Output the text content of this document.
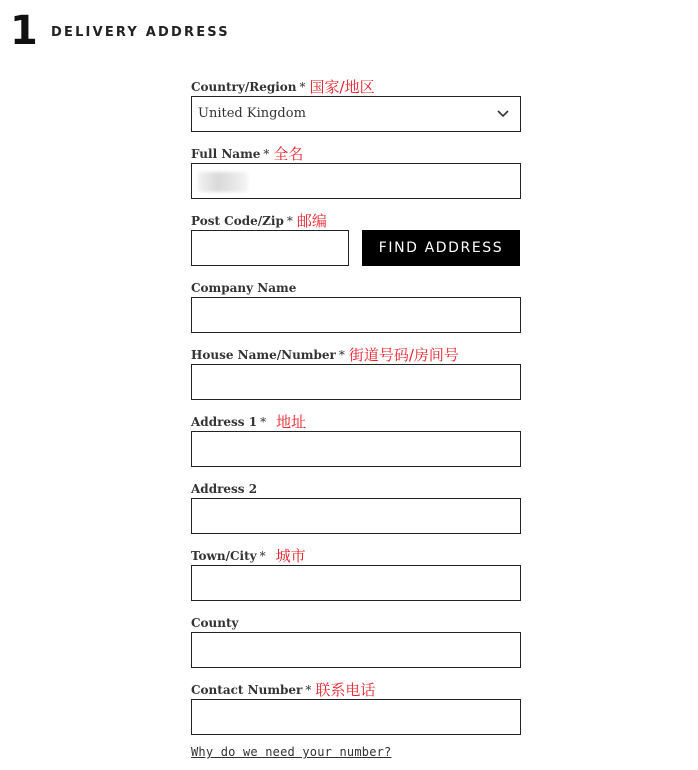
1	DELIVERY ADDRESS
Country/Region * 国家/地区
United Kingdom
Full Name * 全名
Post Code/Zip * 邮编
FIND ADDRESS
Company Name
House Name/Number * 街道号码/房间号
Address 1 * 地址
Address 2
Town/City * 城市
County
Contact Number * 联系电话
Why do we need your number?
